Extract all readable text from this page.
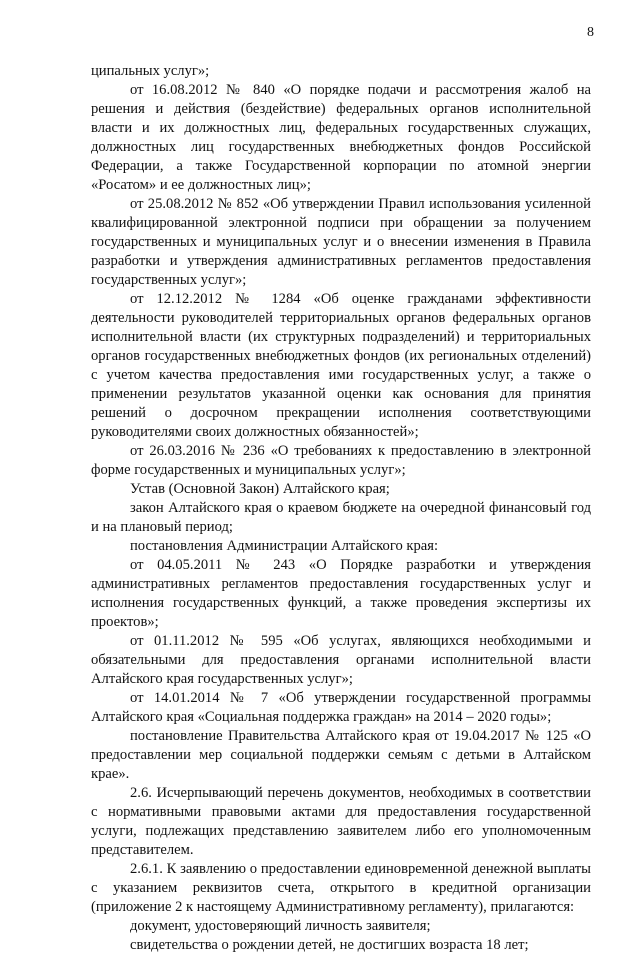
8

ципальных услуг»;

от 16.08.2012 № 840 «О порядке подачи и рассмотрения жалоб на решения и действия (бездействие) федеральных органов исполнительной власти и их должностных лиц, федеральных государственных служащих, должностных лиц государственных внебюджетных фондов Российской Федерации, а также Государственной корпорации по атомной энергии «Росатом» и ее должностных лиц»;

от 25.08.2012 № 852 «Об утверждении Правил использования усиленной квалифицированной электронной подписи при обращении за получением государственных и муниципальных услуг и о внесении изменения в Правила разработки и утверждения административных регламентов предоставления государственных услуг»;

от 12.12.2012 № 1284 «Об оценке гражданами эффективности деятельности руководителей территориальных органов федеральных органов исполнительной власти (их структурных подразделений) и территориальных органов государственных внебюджетных фондов (их региональных отделений) с учетом качества предоставления ими государственных услуг, а также о применении результатов указанной оценки как основания для принятия решений о досрочном прекращении исполнения соответствующими руководителями своих должностных обязанностей»;

от 26.03.2016 № 236 «О требованиях к предоставлению в электронной форме государственных и муниципальных услуг»;

Устав (Основной Закон) Алтайского края;

закон Алтайского края о краевом бюджете на очередной финансовый год и на плановый период;

постановления Администрации Алтайского края:

от 04.05.2011 № 243 «О Порядке разработки и утверждения административных регламентов предоставления государственных услуг и исполнения государственных функций, а также проведения экспертизы их проектов»;

от 01.11.2012 № 595 «Об услугах, являющихся необходимыми и обязательными для предоставления органами исполнительной власти Алтайского края государственных услуг»;

от 14.01.2014 № 7 «Об утверждении государственной программы Алтайского края «Социальная поддержка граждан» на 2014 – 2020 годы»;

постановление Правительства Алтайского края от 19.04.2017 № 125 «О предоставлении мер социальной поддержки семьям с детьми в Алтайском крае».

2.6. Исчерпывающий перечень документов, необходимых в соответствии с нормативными правовыми актами для предоставления государственной услуги, подлежащих представлению заявителем либо его уполномоченным представителем.

2.6.1. К заявлению о предоставлении единовременной денежной выплаты с указанием реквизитов счета, открытого в кредитной организации (приложение 2 к настоящему Административному регламенту), прилагаются:

документ, удостоверяющий личность заявителя;

свидетельства о рождении детей, не достигших возраста 18 лет;
